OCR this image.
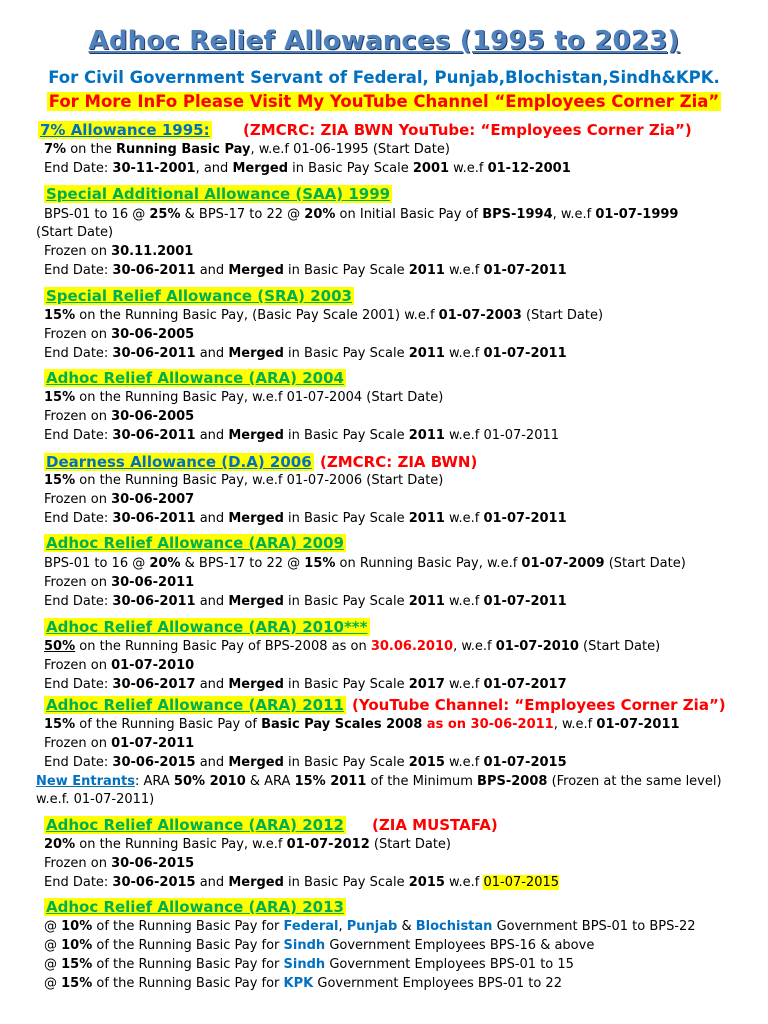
Adhoc Relief Allowances (1995 to 2023)
For Civil Government Servant of Federal, Punjab,Blochistan,Sindh&KPK.
For More InFo Please Visit My YouTube Channel “Employees Corner Zia”
7% Allowance 1995: (ZMCRC: ZIA BWN YouTube: “Employees Corner Zia”)
7% on the Running Basic Pay, w.e.f 01-06-1995 (Start Date)
End Date: 30-11-2001, and Merged in Basic Pay Scale 2001 w.e.f 01-12-2001
Special Additional Allowance (SAA) 1999
BPS-01 to 16 @ 25% & BPS-17 to 22 @ 20% on Initial Basic Pay of BPS-1994, w.e.f 01-07-1999
(Start Date)
Frozen on 30.11.2001
End Date: 30-06-2011 and Merged in Basic Pay Scale 2011 w.e.f 01-07-2011
Special Relief Allowance (SRA) 2003
15% on the Running Basic Pay, (Basic Pay Scale 2001) w.e.f 01-07-2003 (Start Date)
Frozen on 30-06-2005
End Date: 30-06-2011 and Merged in Basic Pay Scale 2011 w.e.f 01-07-2011
Adhoc Relief Allowance (ARA) 2004
15% on the Running Basic Pay, w.e.f 01-07-2004 (Start Date)
Frozen on 30-06-2005
End Date: 30-06-2011 and Merged in Basic Pay Scale 2011 w.e.f 01-07-2011
Dearness Allowance (D.A) 2006 (ZMCRC: ZIA BWN)
15% on the Running Basic Pay, w.e.f 01-07-2006 (Start Date)
Frozen on 30-06-2007
End Date: 30-06-2011 and Merged in Basic Pay Scale 2011 w.e.f 01-07-2011
Adhoc Relief Allowance (ARA) 2009
BPS-01 to 16 @ 20% & BPS-17 to 22 @ 15% on Running Basic Pay, w.e.f 01-07-2009 (Start Date)
Frozen on 30-06-2011
End Date: 30-06-2011 and Merged in Basic Pay Scale 2011 w.e.f 01-07-2011
Adhoc Relief Allowance (ARA) 2010***
50% on the Running Basic Pay of BPS-2008 as on 30.06.2010, w.e.f 01-07-2010 (Start Date)
Frozen on 01-07-2010
End Date: 30-06-2017 and Merged in Basic Pay Scale 2017 w.e.f 01-07-2017
Adhoc Relief Allowance (ARA) 2011 (YouTube Channel: “Employees Corner Zia”)
15% of the Running Basic Pay of Basic Pay Scales 2008 as on 30-06-2011, w.e.f 01-07-2011
Frozen on 01-07-2011
End Date: 30-06-2015 and Merged in Basic Pay Scale 2015 w.e.f 01-07-2015
New Entrants: ARA 50% 2010 & ARA 15% 2011 of the Minimum BPS-2008 (Frozen at the same level)
w.e.f. 01-07-2011)
Adhoc Relief Allowance (ARA) 2012 (ZIA MUSTAFA)
20% on the Running Basic Pay, w.e.f 01-07-2012 (Start Date)
Frozen on 30-06-2015
End Date: 30-06-2015 and Merged in Basic Pay Scale 2015 w.e.f 01-07-2015
Adhoc Relief Allowance (ARA) 2013
@ 10% of the Running Basic Pay for Federal, Punjab & Blochistan Government BPS-01 to BPS-22
@ 10% of the Running Basic Pay for Sindh Government Employees BPS-16 & above
@ 15% of the Running Basic Pay for Sindh Government Employees BPS-01 to 15
@ 15% of the Running Basic Pay for KPK Government Employees BPS-01 to 22
